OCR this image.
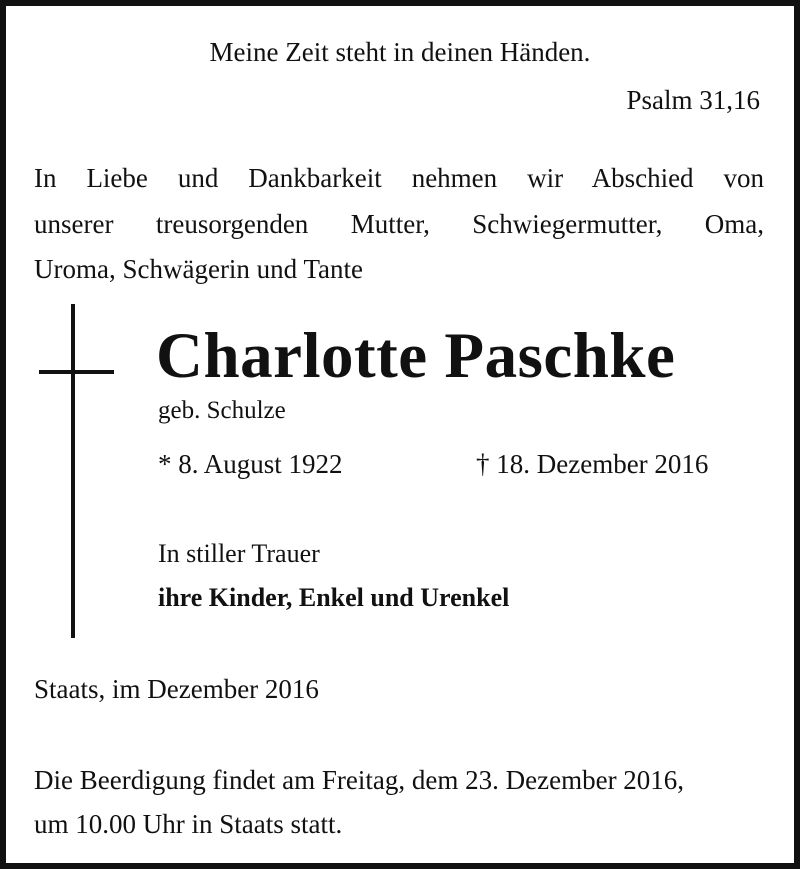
Meine Zeit steht in deinen Händen.

Psalm 31,16

In Liebe und Dankbarkeit nehmen wir Abschied von
unserer treusorgenden Mutter, Schwiegermutter, Oma,
Uroma, Schwägerin und Tante

Charlotte Paschke

geb. Schulze

* 8. August 1922	† 18. Dezember 2016

In stiller Trauer

ihre Kinder, Enkel und Urenkel

Staats, im Dezember 2016

Die Beerdigung findet am Freitag, dem 23. Dezember 2016,
um 10.00 Uhr in Staats statt.
